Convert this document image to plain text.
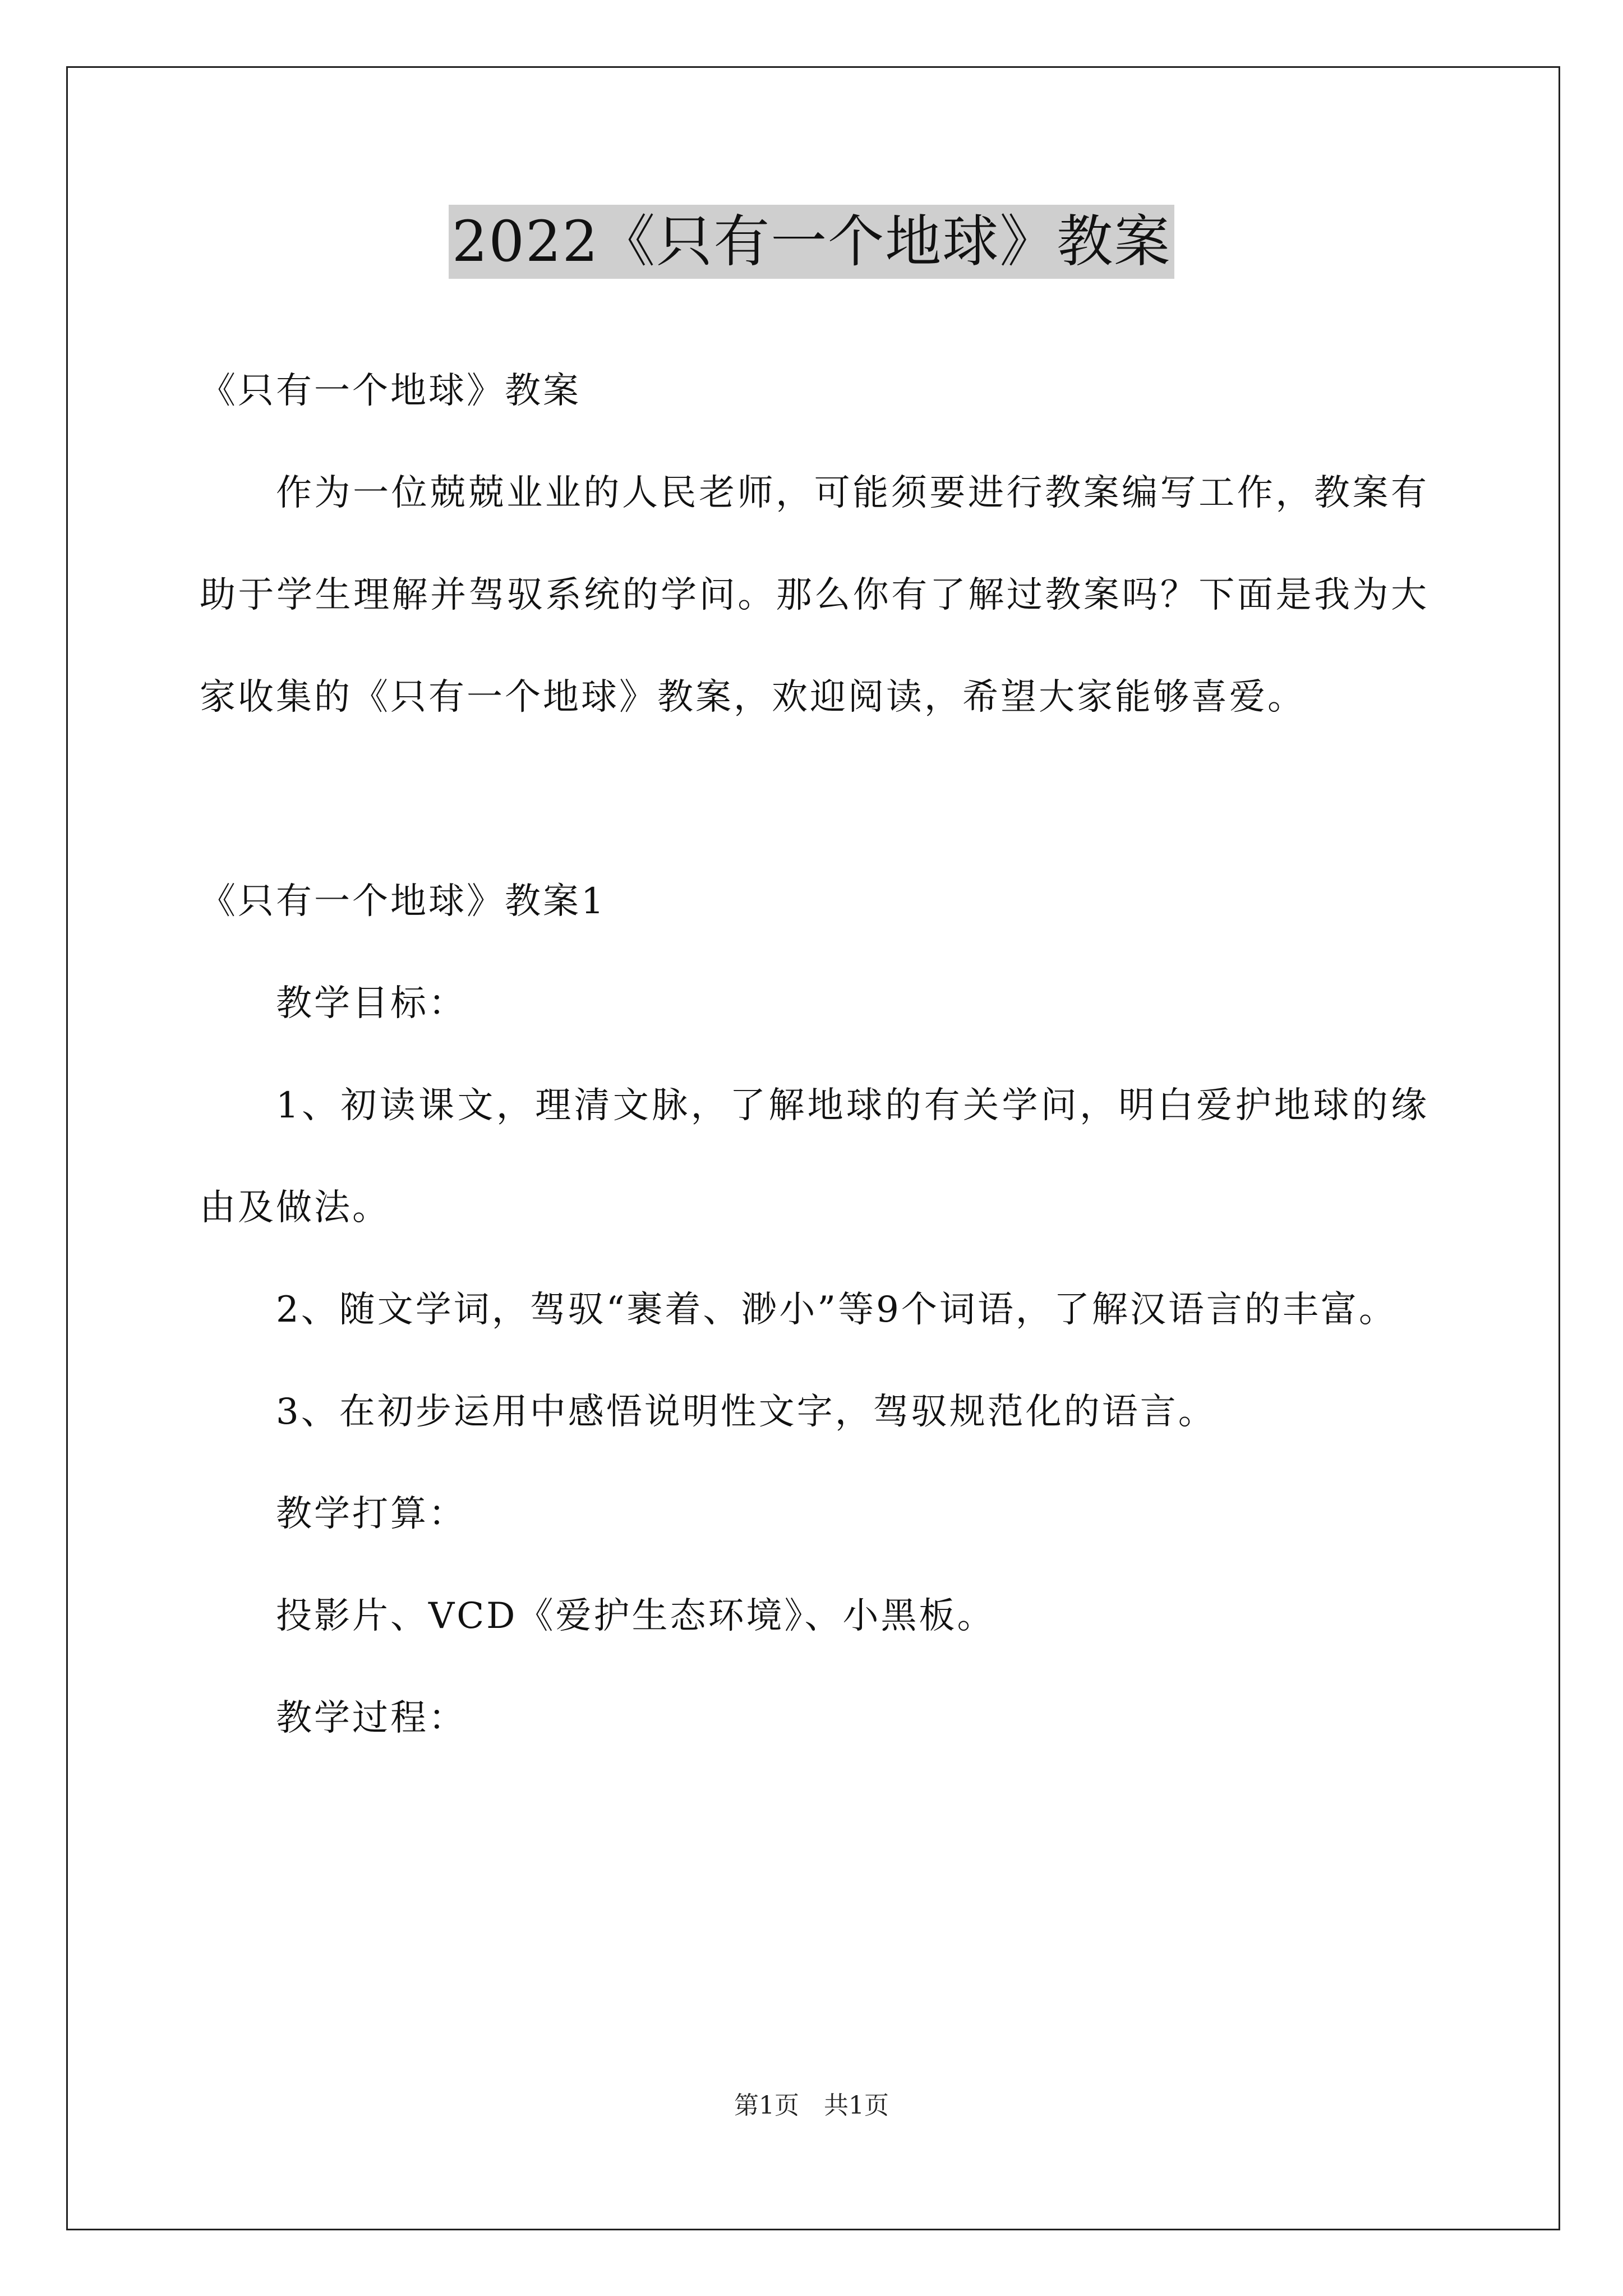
2022《只有一个地球》教案

《只有一个地球》教案

作为一位兢兢业业的人民老师，可能须要进行教案编写工作，教案有助于学生理解并驾驭系统的学问。那么你有了解过教案吗？下面是我为大家收集的《只有一个地球》教案，欢迎阅读，希望大家能够喜爱。

《只有一个地球》教案1

教学目标：

1、初读课文，理清文脉，了解地球的有关学问，明白爱护地球的缘由及做法。

2、随文学词，驾驭“裹着、渺小”等9个词语，了解汉语言的丰富。

3、在初步运用中感悟说明性文字，驾驭规范化的语言。

教学打算：

投影片、VCD《爱护生态环境》、小黑板。

教学过程：

第1页 共1页
